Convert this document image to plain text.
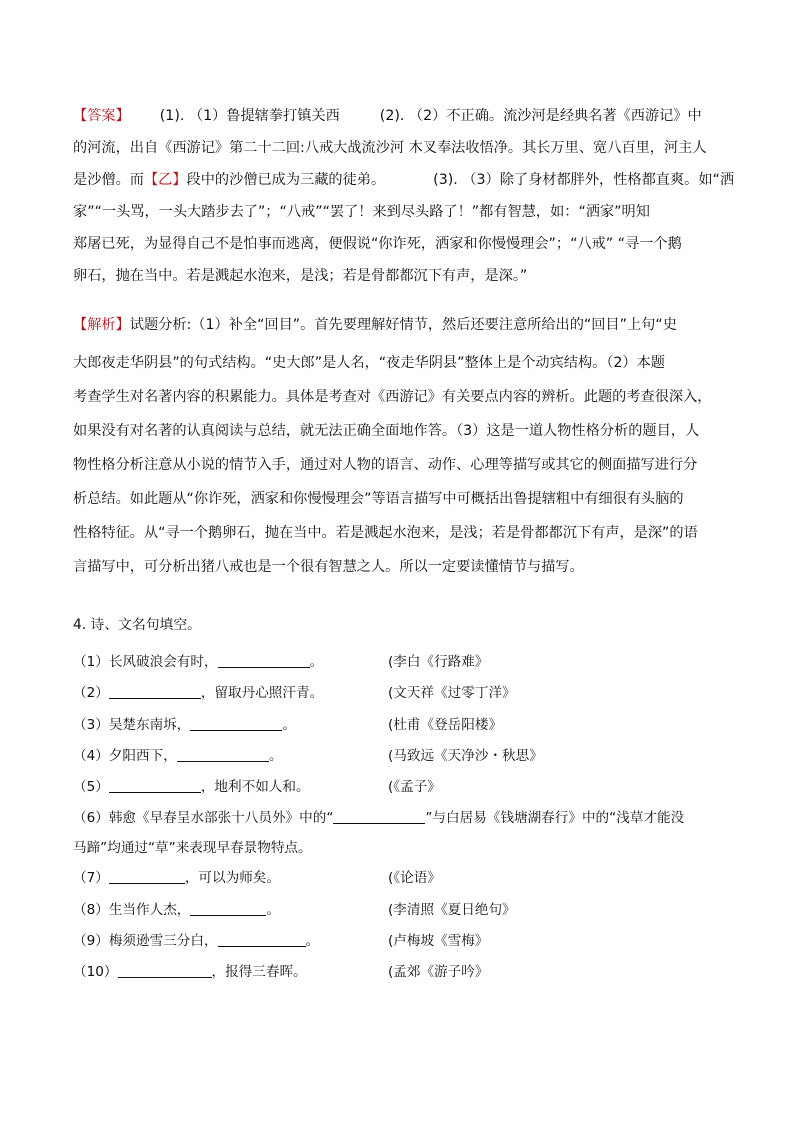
【答案】 (1). （1）鲁提辖拳打镇关西	(2). （2）不正确。流沙河是经典名著《西游记》中
的河流，出自《西游记》第二十二回:八戒大战流沙河 木叉奉法收悟净。其长万里、宽八百里，河主人
是沙僧。而【乙】段中的沙僧已成为三藏的徒弟。	(3). （3）除了身材都胖外，性格都直爽。如“洒
家”“一头骂，一头大踏步去了”；“八戒”“罢了！来到尽头路了！”都有智慧，如：“洒家”明知
郑屠已死，为显得自己不是怕事而逃离，便假说“你诈死，洒家和你慢慢理会”；“八戒” “寻一个鹅
卵石，抛在当中。若是溅起水泡来，是浅；若是骨都都沉下有声，是深。”
【解析】试题分析:（1）补全“回目”。首先要理解好情节，然后还要注意所给出的“回目”上句“史
大郎夜走华阴县”的句式结构。“史大郎”是人名，“夜走华阴县”整体上是个动宾结构。（2）本题
考查学生对名著内容的积累能力。具体是考查对《西游记》有关要点内容的辨析。此题的考查很深入，
如果没有对名著的认真阅读与总结，就无法正确全面地作答。（3）这是一道人物性格分析的题目，人
物性格分析注意从小说的情节入手，通过对人物的语言、动作、心理等描写或其它的侧面描写进行分
析总结。如此题从“你诈死，洒家和你慢慢理会”等语言描写中可概括出鲁提辖粗中有细很有头脑的
性格特征。从“寻一个鹅卵石，抛在当中。若是溅起水泡来，是浅；若是骨都都沉下有声，是深”的语
言描写中，可分析出猪八戒也是一个很有智慧之人。所以一定要读懂情节与描写。
4. 诗、文名句填空。
（1）长风破浪会有时，	。	(李白《行路难》
（2）	，留取丹心照汗青。	(文天祥《过零丁洋》
（3）吴楚东南坼，	。	(杜甫《登岳阳楼》
（4）夕阳西下，	。	(马致远《天净沙・秋思》
（5）	，地利不如人和。	(《孟子》
（6）韩愈《早春呈水部张十八员外》中的“	”与白居易《钱塘湖春行》中的“浅草才能没
马蹄”均通过“草”来表现早春景物特点。
（7）	，可以为师矣。	(《论语》
（8）生当作人杰，	。	(李清照《夏日绝句》
（9）梅须逊雪三分白，	。	(卢梅坡《雪梅》
（10）	，报得三春晖。	(孟郊《游子吟》
